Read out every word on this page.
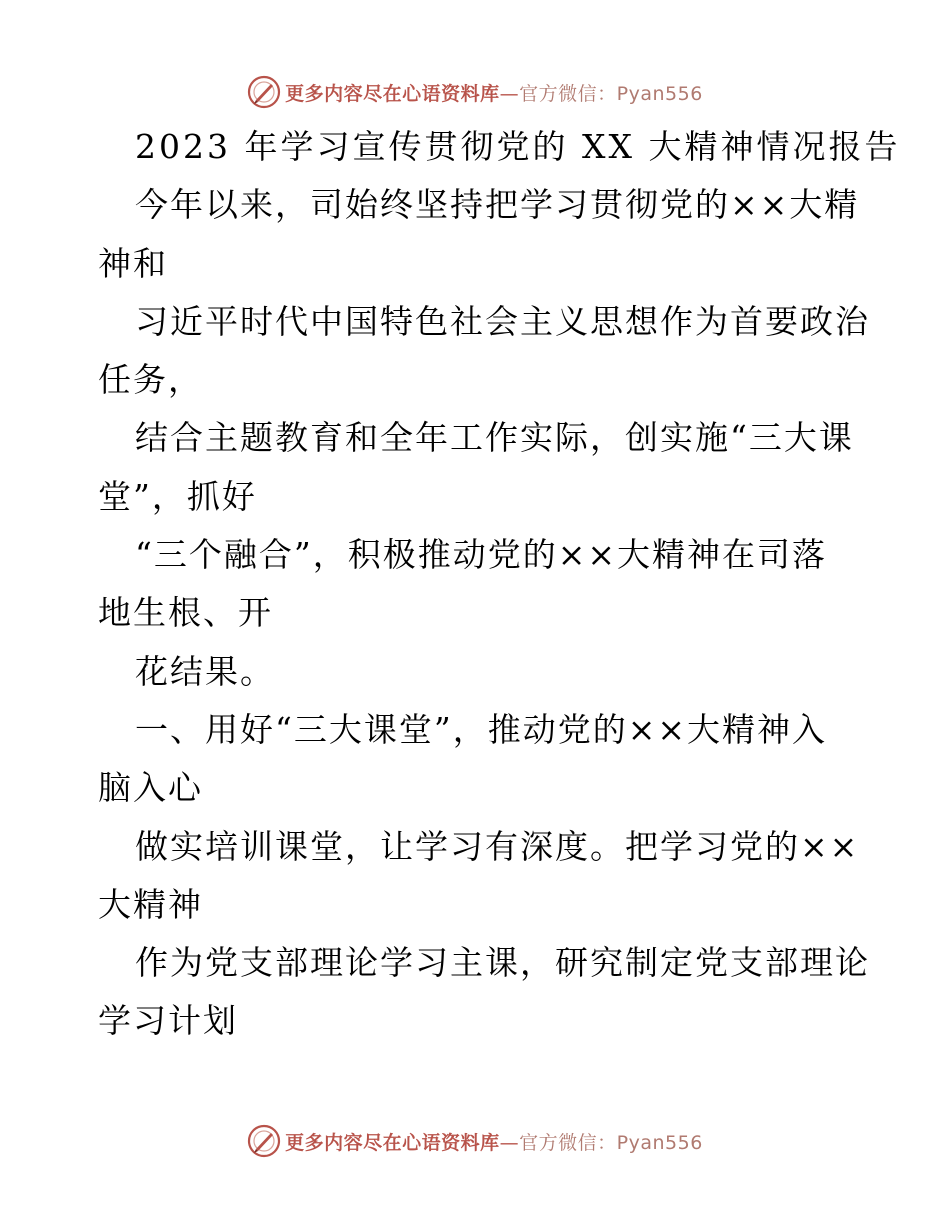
更多内容尽在心语资料库—官方微信：Pyan556
2023 年学习宣传贯彻党的 XX 大精神情况报告
今年以来，司始终坚持把学习贯彻党的××大精
神和
习近平时代中国特色社会主义思想作为首要政治
任务，
结合主题教育和全年工作实际，创实施“三大课
堂”，抓好
“三个融合”，积极推动党的××大精神在司落
地生根、开
花结果。
一、用好“三大课堂”，推动党的××大精神入
脑入心
做实培训课堂，让学习有深度。把学习党的××
大精神
作为党支部理论学习主课，研究制定党支部理论
学习计划
更多内容尽在心语资料库—官方微信：Pyan556
